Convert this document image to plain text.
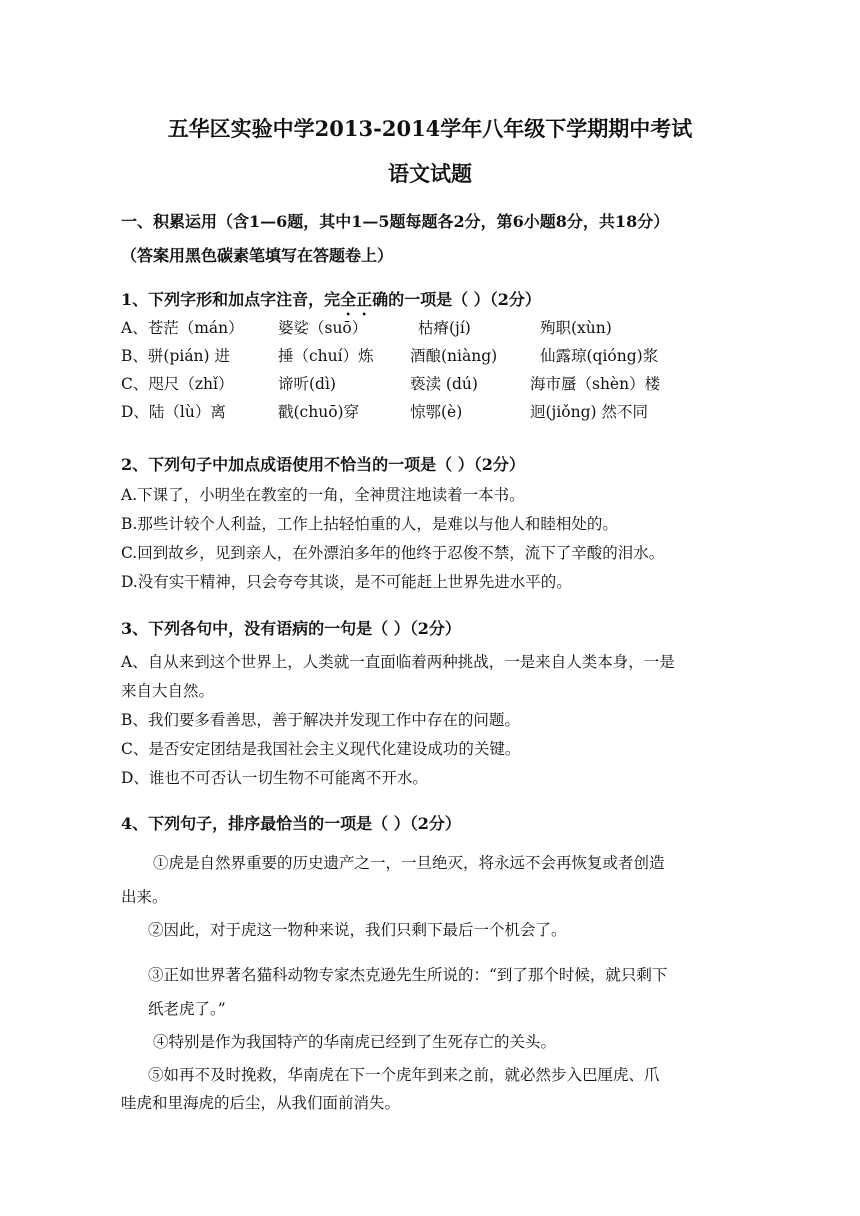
五华区实验中学2013-2014学年八年级下学期期中考试
语文试题
一、积累运用（含1—6题，其中1—5题每题各2分，第6小题8分，共18分）
（答案用黑色碳素笔填写在答题卷上）
1、下列字形和加点字注音，完全正确的一项是（ ）（2分）
A、苍茫（mán） 婆娑（suō）	枯瘠(jí)	殉职(xùn)
B、骈(pián) 进	捶（chuí）炼 酒酿(niàng)	仙露琼(qióng)浆
C、咫尺（zhǐ）	谛听(dì)	亵渎 (dú)	海市蜃（shèn）楼
D、陆（lù）离	戳(chuō)穿	惊鄂(è)	迥(jiǒng) 然不同
2、下列句子中加点成语使用不恰当的一项是（ ）（2分）
A.下课了，小明坐在教室的一角，全神贯注地读着一本书。
B.那些计较个人利益，工作上拈轻怕重的人，是难以与他人和睦相处的。
C.回到故乡，见到亲人，在外漂泊多年的他终于忍俊不禁，流下了辛酸的泪水。
D.没有实干精神，只会夸夸其谈，是不可能赶上世界先进水平的。
3、下列各句中，没有语病的一句是（ ）（2分）
A、自从来到这个世界上，人类就一直面临着两种挑战，一是来自人类本身，一是
来自大自然。
B、我们要多看善思，善于解决并发现工作中存在的问题。
C、是否安定团结是我国社会主义现代化建设成功的关键。
D、谁也不可否认一切生物不可能离不开水。
4、下列句子，排序最恰当的一项是（ ）（2分）
①虎是自然界重要的历史遗产之一，一旦绝灭，将永远不会再恢复或者创造
出来。
②因此，对于虎这一物种来说，我们只剩下最后一个机会了。
③正如世界著名猫科动物专家杰克逊先生所说的：“到了那个时候，就只剩下
纸老虎了。”
④特别是作为我国特产的华南虎已经到了生死存亡的关头。
⑤如再不及时挽救，华南虎在下一个虎年到来之前，就必然步入巴厘虎、爪
哇虎和里海虎的后尘，从我们面前消失。
